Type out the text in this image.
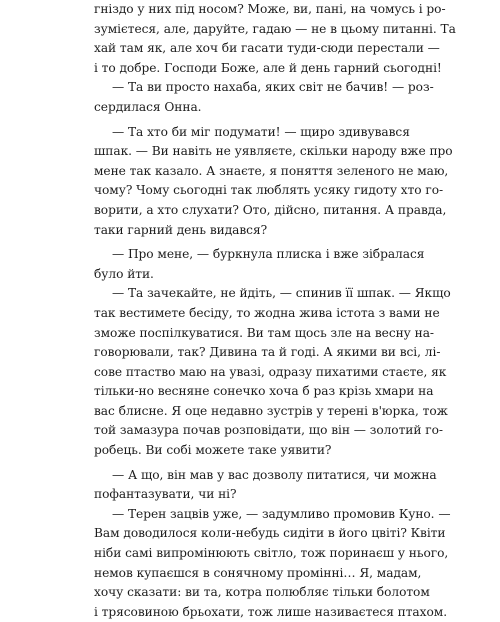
гніздо у них під носом? Може, ви, пані, на чомусь і ро-
зумієтеся, але, даруйте, гадаю — не в цьому питанні. Та
хай там як, але хоч би гасати туди-сюди перестали —
і то добре. Господи Боже, але й день гарний сьогодні!
— Та ви просто нахаба, яких світ не бачив! — роз-
сердилася Онна.
— Та хто би міг подумати! — щиро здивувався
шпак. — Ви навіть не уявляєте, скільки народу вже про
мене так казало. А знаєте, я поняття зеленого не маю,
чому? Чому сьогодні так люблять усяку гидоту хто го-
ворити, а хто слухати? Ото, дійсно, питання. А правда,
таки гарний день видався?
— Про мене, — буркнула плиска і вже зібралася
було йти.
— Та зачекайте, не йдіть, — спинив її шпак. — Якщо
так вестимете бесіду, то жодна жива істота з вами не
зможе поспілкуватися. Ви там щось зле на весну на-
говорювали, так? Дивина та й годі. А якими ви всі, лі-
сове птаство маю на увазі, одразу пихатими стаєте, як
тільки-но весняне сонечко хоча б раз крізь хмари на
вас блисне. Я оце недавно зустрів у терені в'юрка, тож
той замазура почав розповідати, що він — золотий го-
робець. Ви собі можете таке уявити?
— А що, він мав у вас дозволу питатися, чи можна
пофантазувати, чи ні?
— Терен зацвів уже, — задумливо промовив Куно. —
Вам доводилося коли-небудь сидіти в його цвіті? Квіти
ніби самі випромінюють світло, тож поринаєш у нього,
немов купаєшся в сонячному промінні… Я, мадам,
хочу сказати: ви та, котра полюбляє тільки болотом
і трясовиною брьохати, тож лише називаєтеся птахом.
